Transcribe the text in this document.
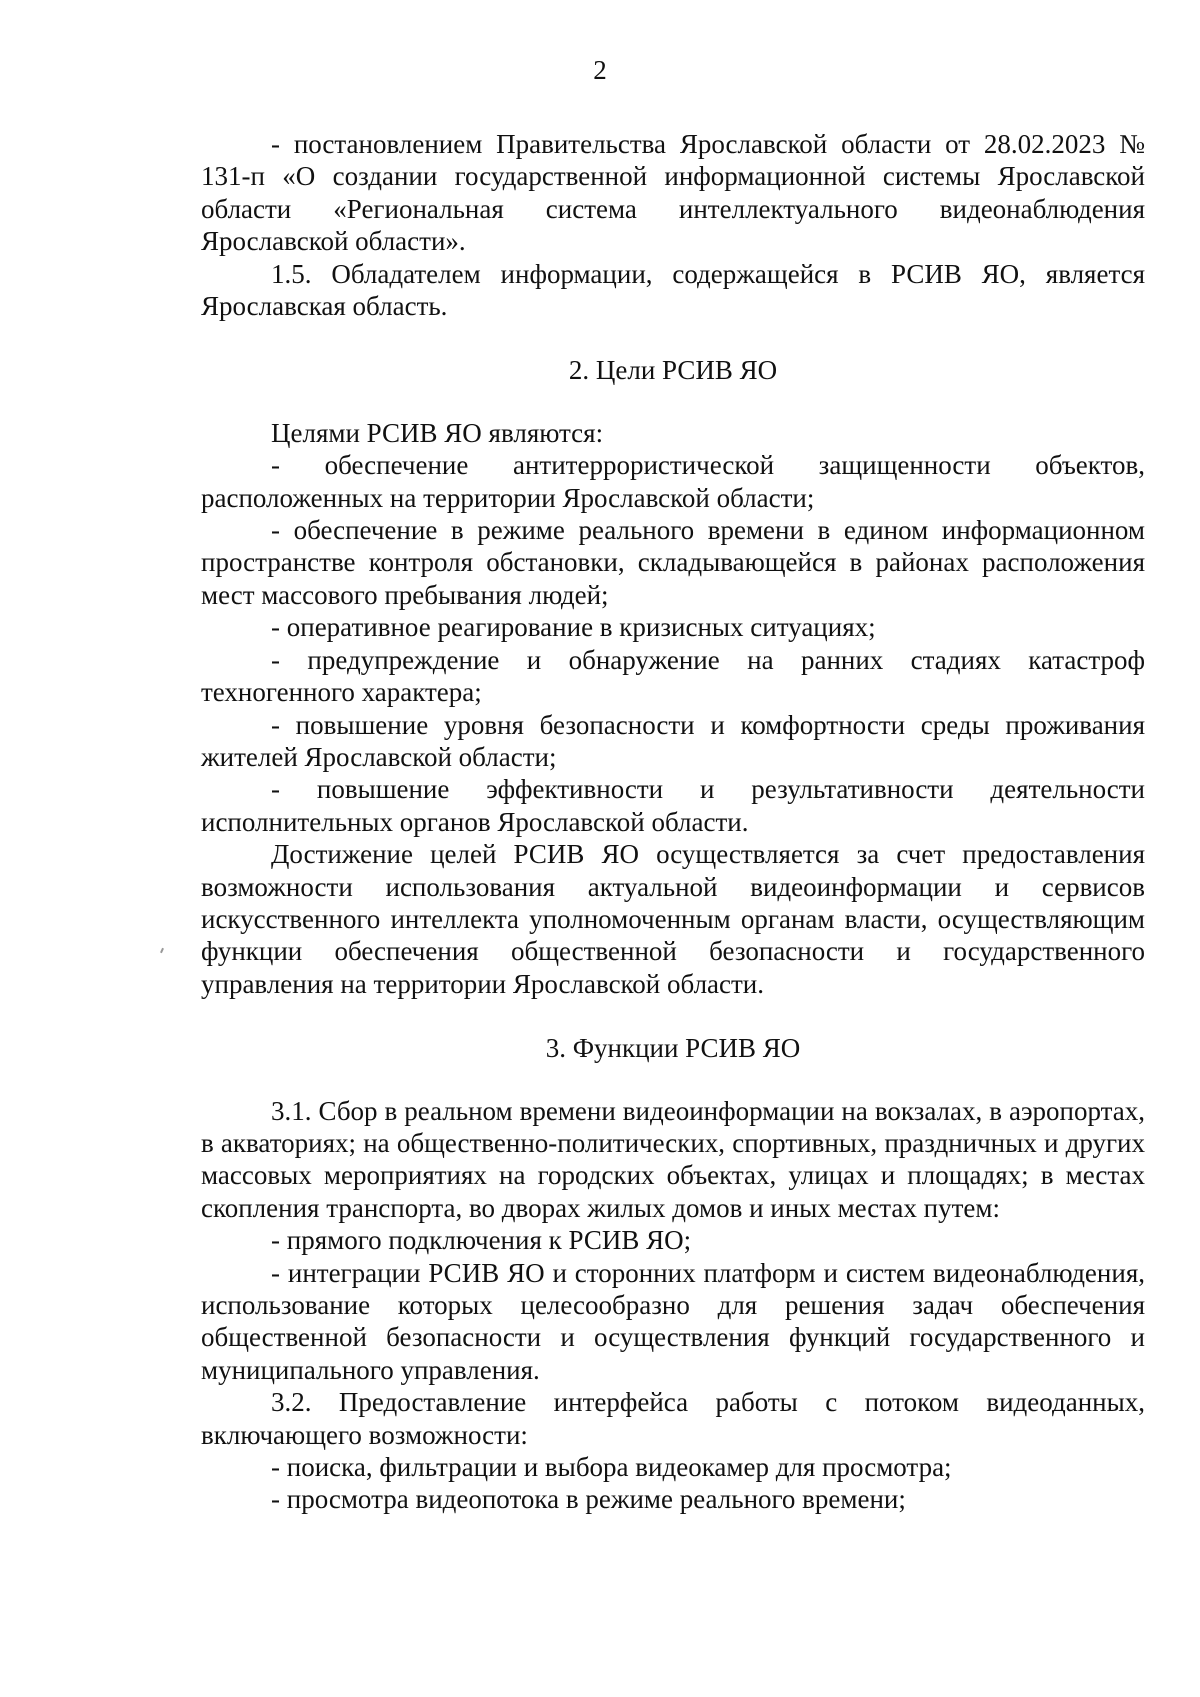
2

- постановлением Правительства Ярославской области от 28.02.2023 № 131-п «О создании государственной информационной системы Ярославской области «Региональная система интеллектуального видеонаблюдения Ярославской области».

1.5. Обладателем информации, содержащейся в РСИВ ЯО, является Ярославская область.

2. Цели РСИВ ЯО

Целями РСИВ ЯО являются:

- обеспечение антитеррористической защищенности объектов, расположенных на территории Ярославской области;

- обеспечение в режиме реального времени в едином информационном пространстве контроля обстановки, складывающейся в районах расположения мест массового пребывания людей;

- оперативное реагирование в кризисных ситуациях;

- предупреждение и обнаружение на ранних стадиях катастроф техногенного характера;

- повышение уровня безопасности и комфортности среды проживания жителей Ярославской области;

- повышение эффективности и результативности деятельности исполнительных органов Ярославской области.

Достижение целей РСИВ ЯО осуществляется за счет предоставления возможности использования актуальной видеоинформации и сервисов искусственного интеллекта уполномоченным органам власти, осуществляющим функции обеспечения общественной безопасности и государственного управления на территории Ярославской области.

3. Функции РСИВ ЯО

3.1. Сбор в реальном времени видеоинформации на вокзалах, в аэропортах, в акваториях; на общественно-политических, спортивных, праздничных и других массовых мероприятиях на городских объектах, улицах и площадях; в местах скопления транспорта, во дворах жилых домов и иных местах путем:

- прямого подключения к РСИВ ЯО;

- интеграции РСИВ ЯО и сторонних платформ и систем видеонаблюдения, использование которых целесообразно для решения задач обеспечения общественной безопасности и осуществления функций государственного и муниципального управления.

3.2. Предоставление интерфейса работы с потоком видеоданных, включающего возможности:

- поиска, фильтрации и выбора видеокамер для просмотра;

- просмотра видеопотока в режиме реального времени;
